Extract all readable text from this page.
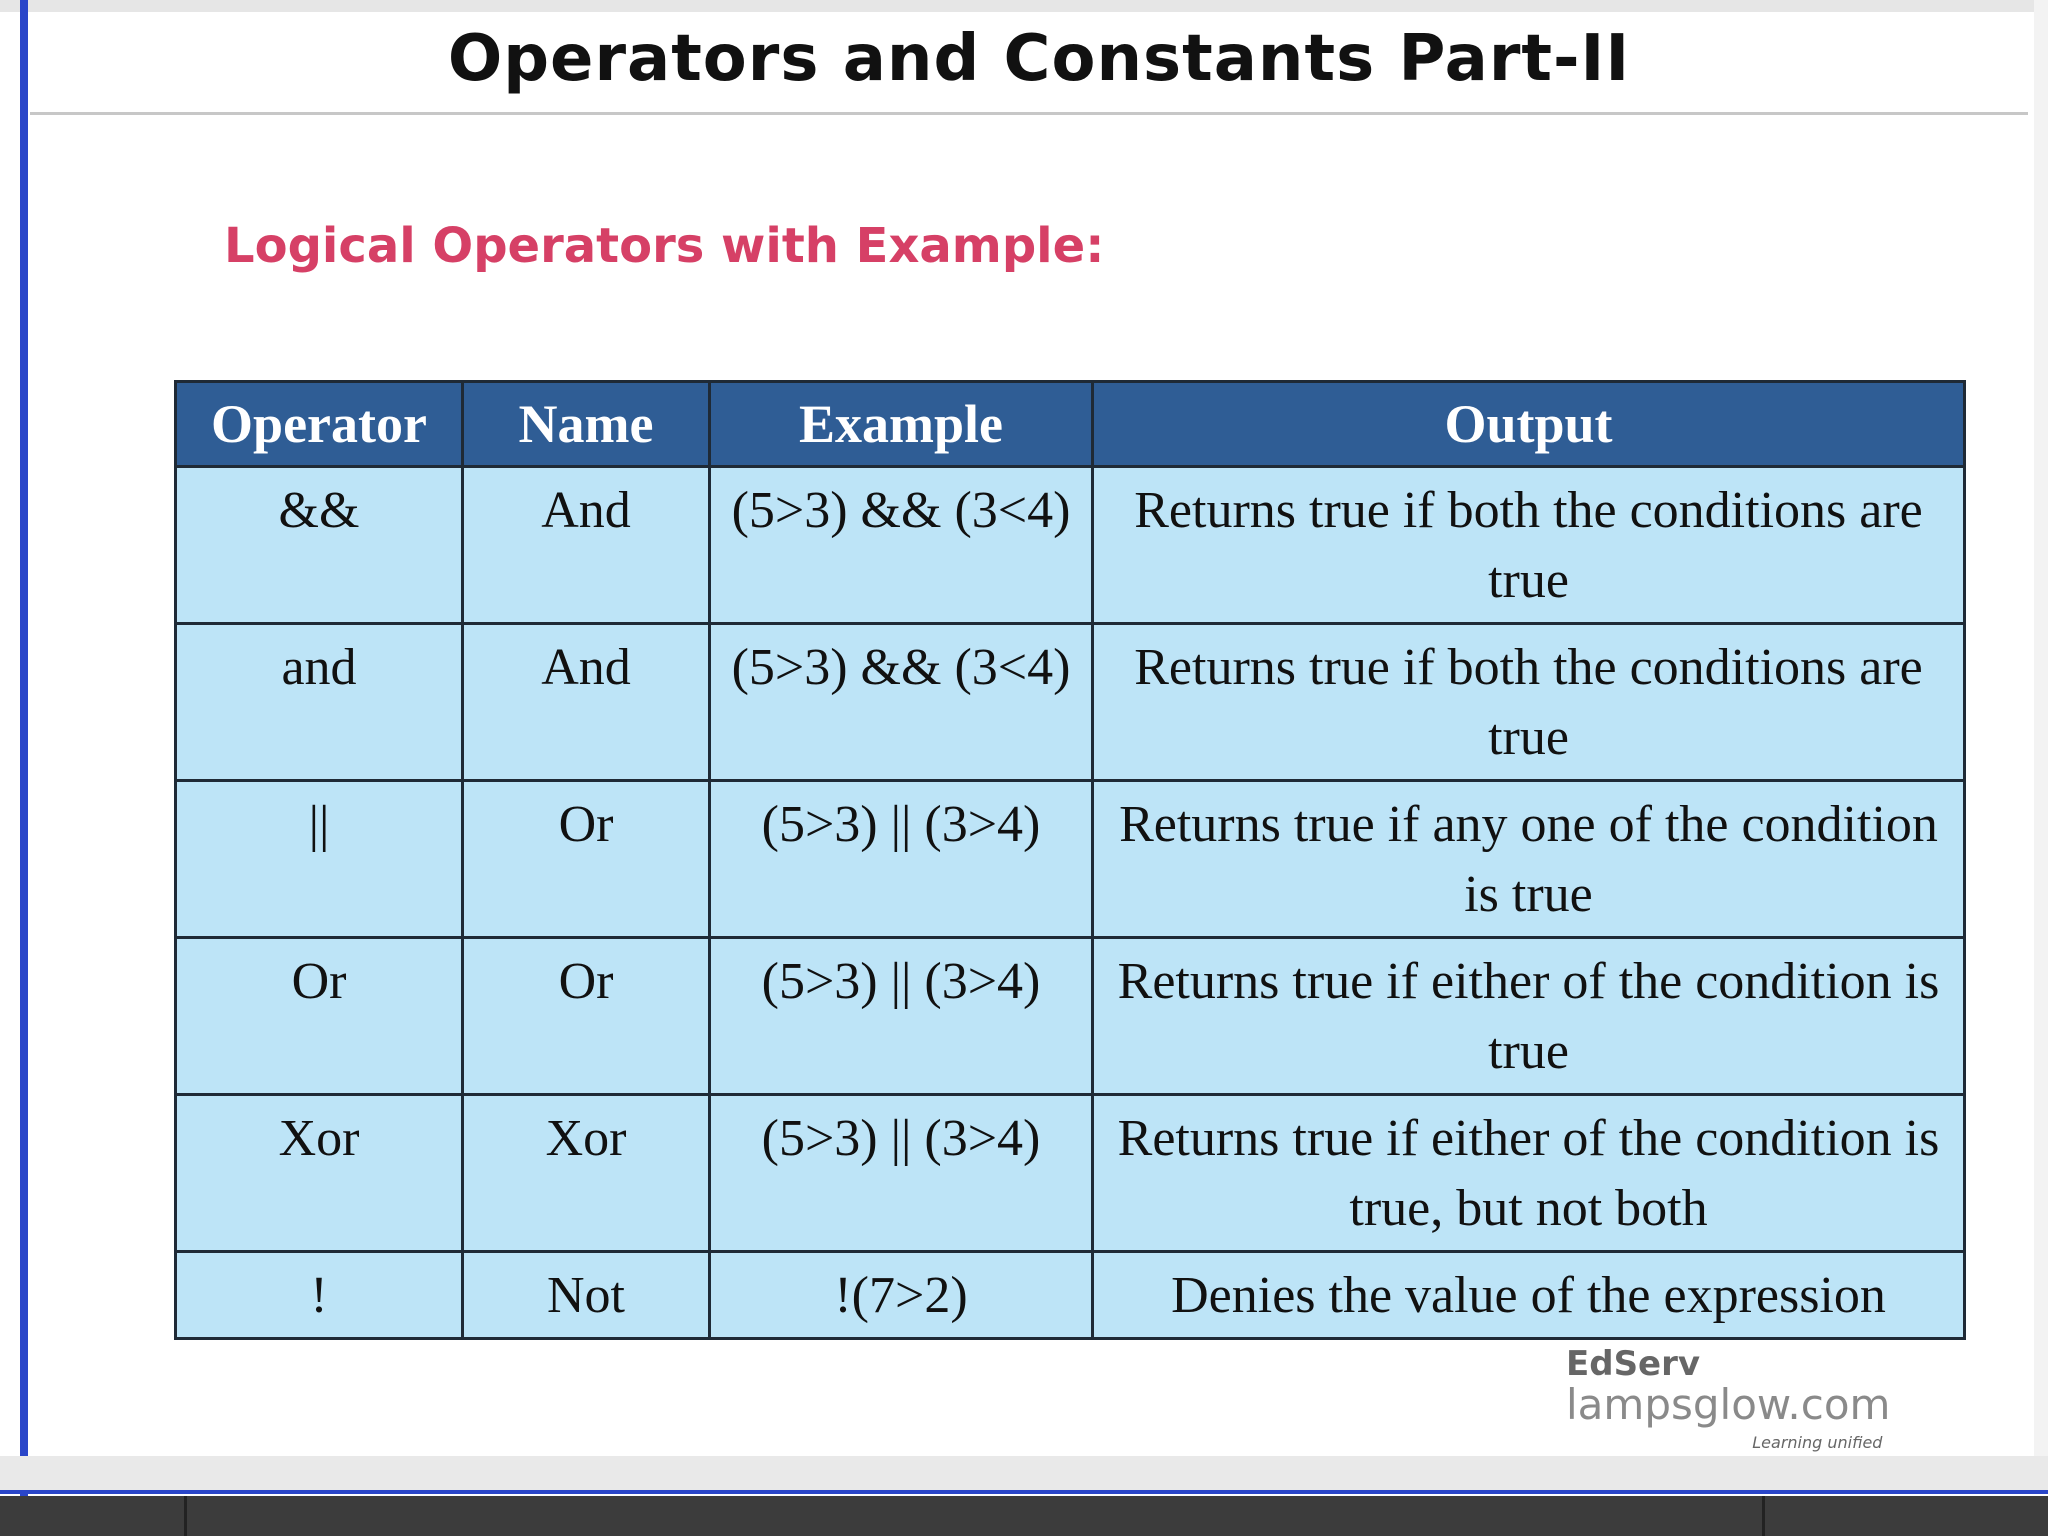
Operators and Constants Part-II
Logical Operators with Example:
Operator	Name	Example	Output
&&	And	(5>3) && (3<4)	Returns true if both the conditions are true
and	And	(5>3) && (3<4)	Returns true if both the conditions are true
||	Or	(5>3) || (3>4)	Returns true if any one of the condition is true
Or	Or	(5>3) || (3>4)	Returns true if either of the condition is true
Xor	Xor	(5>3) || (3>4)	Returns true if either of the condition is true, but not both
!	Not	!(7>2)	Denies the value of the expression
EdServ
lampsglow.com
Learning unified
